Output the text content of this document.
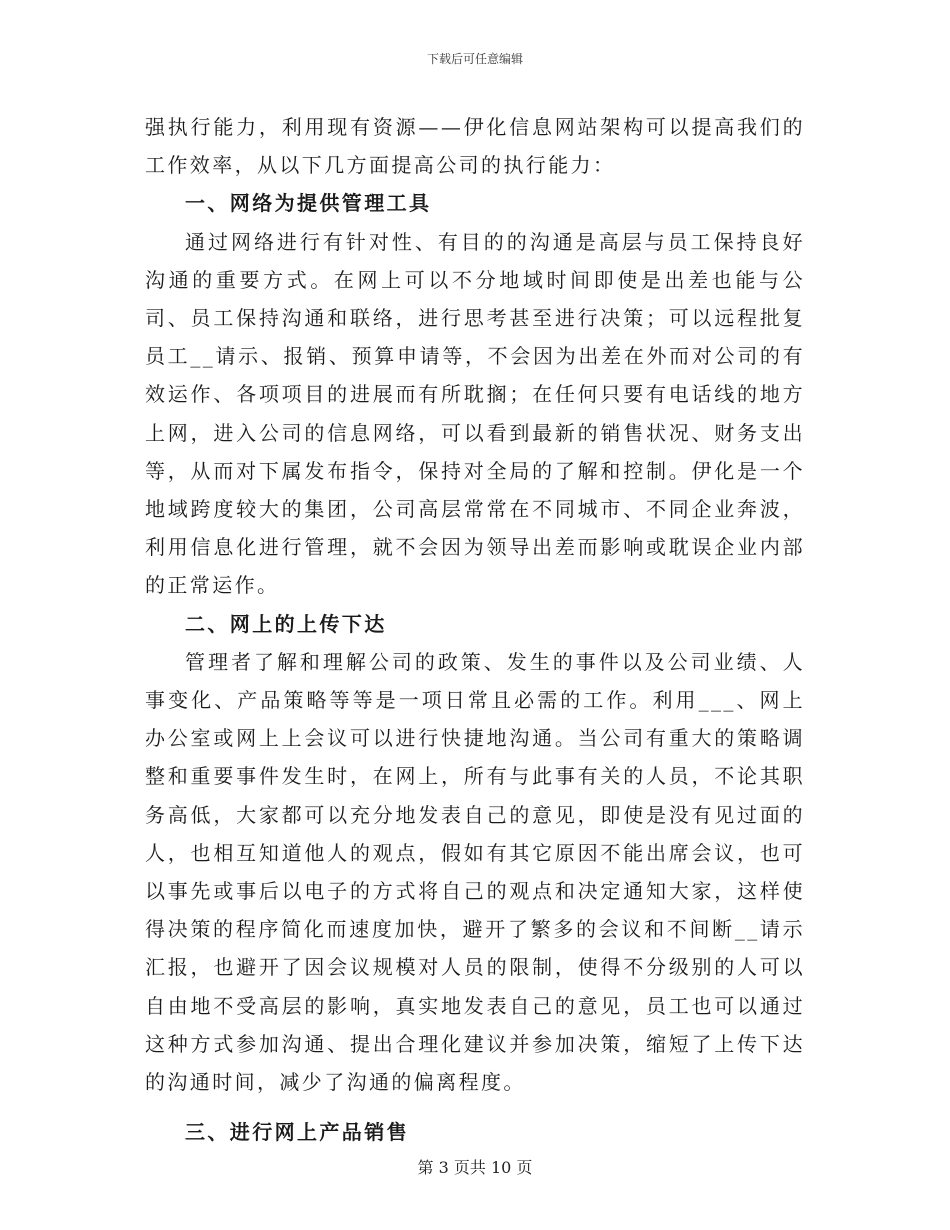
下载后可任意编辑

强执行能力，利用现有资源——伊化信息网站架构可以提高我们的工作效率，从以下几方面提高公司的执行能力：

一、网络为提供管理工具

通过网络进行有针对性、有目的的沟通是高层与员工保持良好沟通的重要方式。在网上可以不分地域时间即使是出差也能与公司、员工保持沟通和联络，进行思考甚至进行决策；可以远程批复员工__请示、报销、预算申请等，不会因为出差在外而对公司的有效运作、各项项目的进展而有所耽搁；在任何只要有电话线的地方上网，进入公司的信息网络，可以看到最新的销售状况、财务支出等，从而对下属发布指令，保持对全局的了解和控制。伊化是一个地域跨度较大的集团，公司高层常常在不同城市、不同企业奔波，利用信息化进行管理，就不会因为领导出差而影响或耽误企业内部的正常运作。

二、网上的上传下达

管理者了解和理解公司的政策、发生的事件以及公司业绩、人事变化、产品策略等等是一项日常且必需的工作。利用___、网上办公室或网上上会议可以进行快捷地沟通。当公司有重大的策略调整和重要事件发生时，在网上，所有与此事有关的人员，不论其职务高低，大家都可以充分地发表自己的意见，即使是没有见过面的人，也相互知道他人的观点，假如有其它原因不能出席会议，也可以事先或事后以电子的方式将自己的观点和决定通知大家，这样使得决策的程序简化而速度加快，避开了繁多的会议和不间断__请示汇报，也避开了因会议规模对人员的限制，使得不分级别的人可以自由地不受高层的影响，真实地发表自己的意见，员工也可以通过这种方式参加沟通、提出合理化建议并参加决策，缩短了上传下达的沟通时间，减少了沟通的偏离程度。

三、进行网上产品销售

第 3 页共 10 页
